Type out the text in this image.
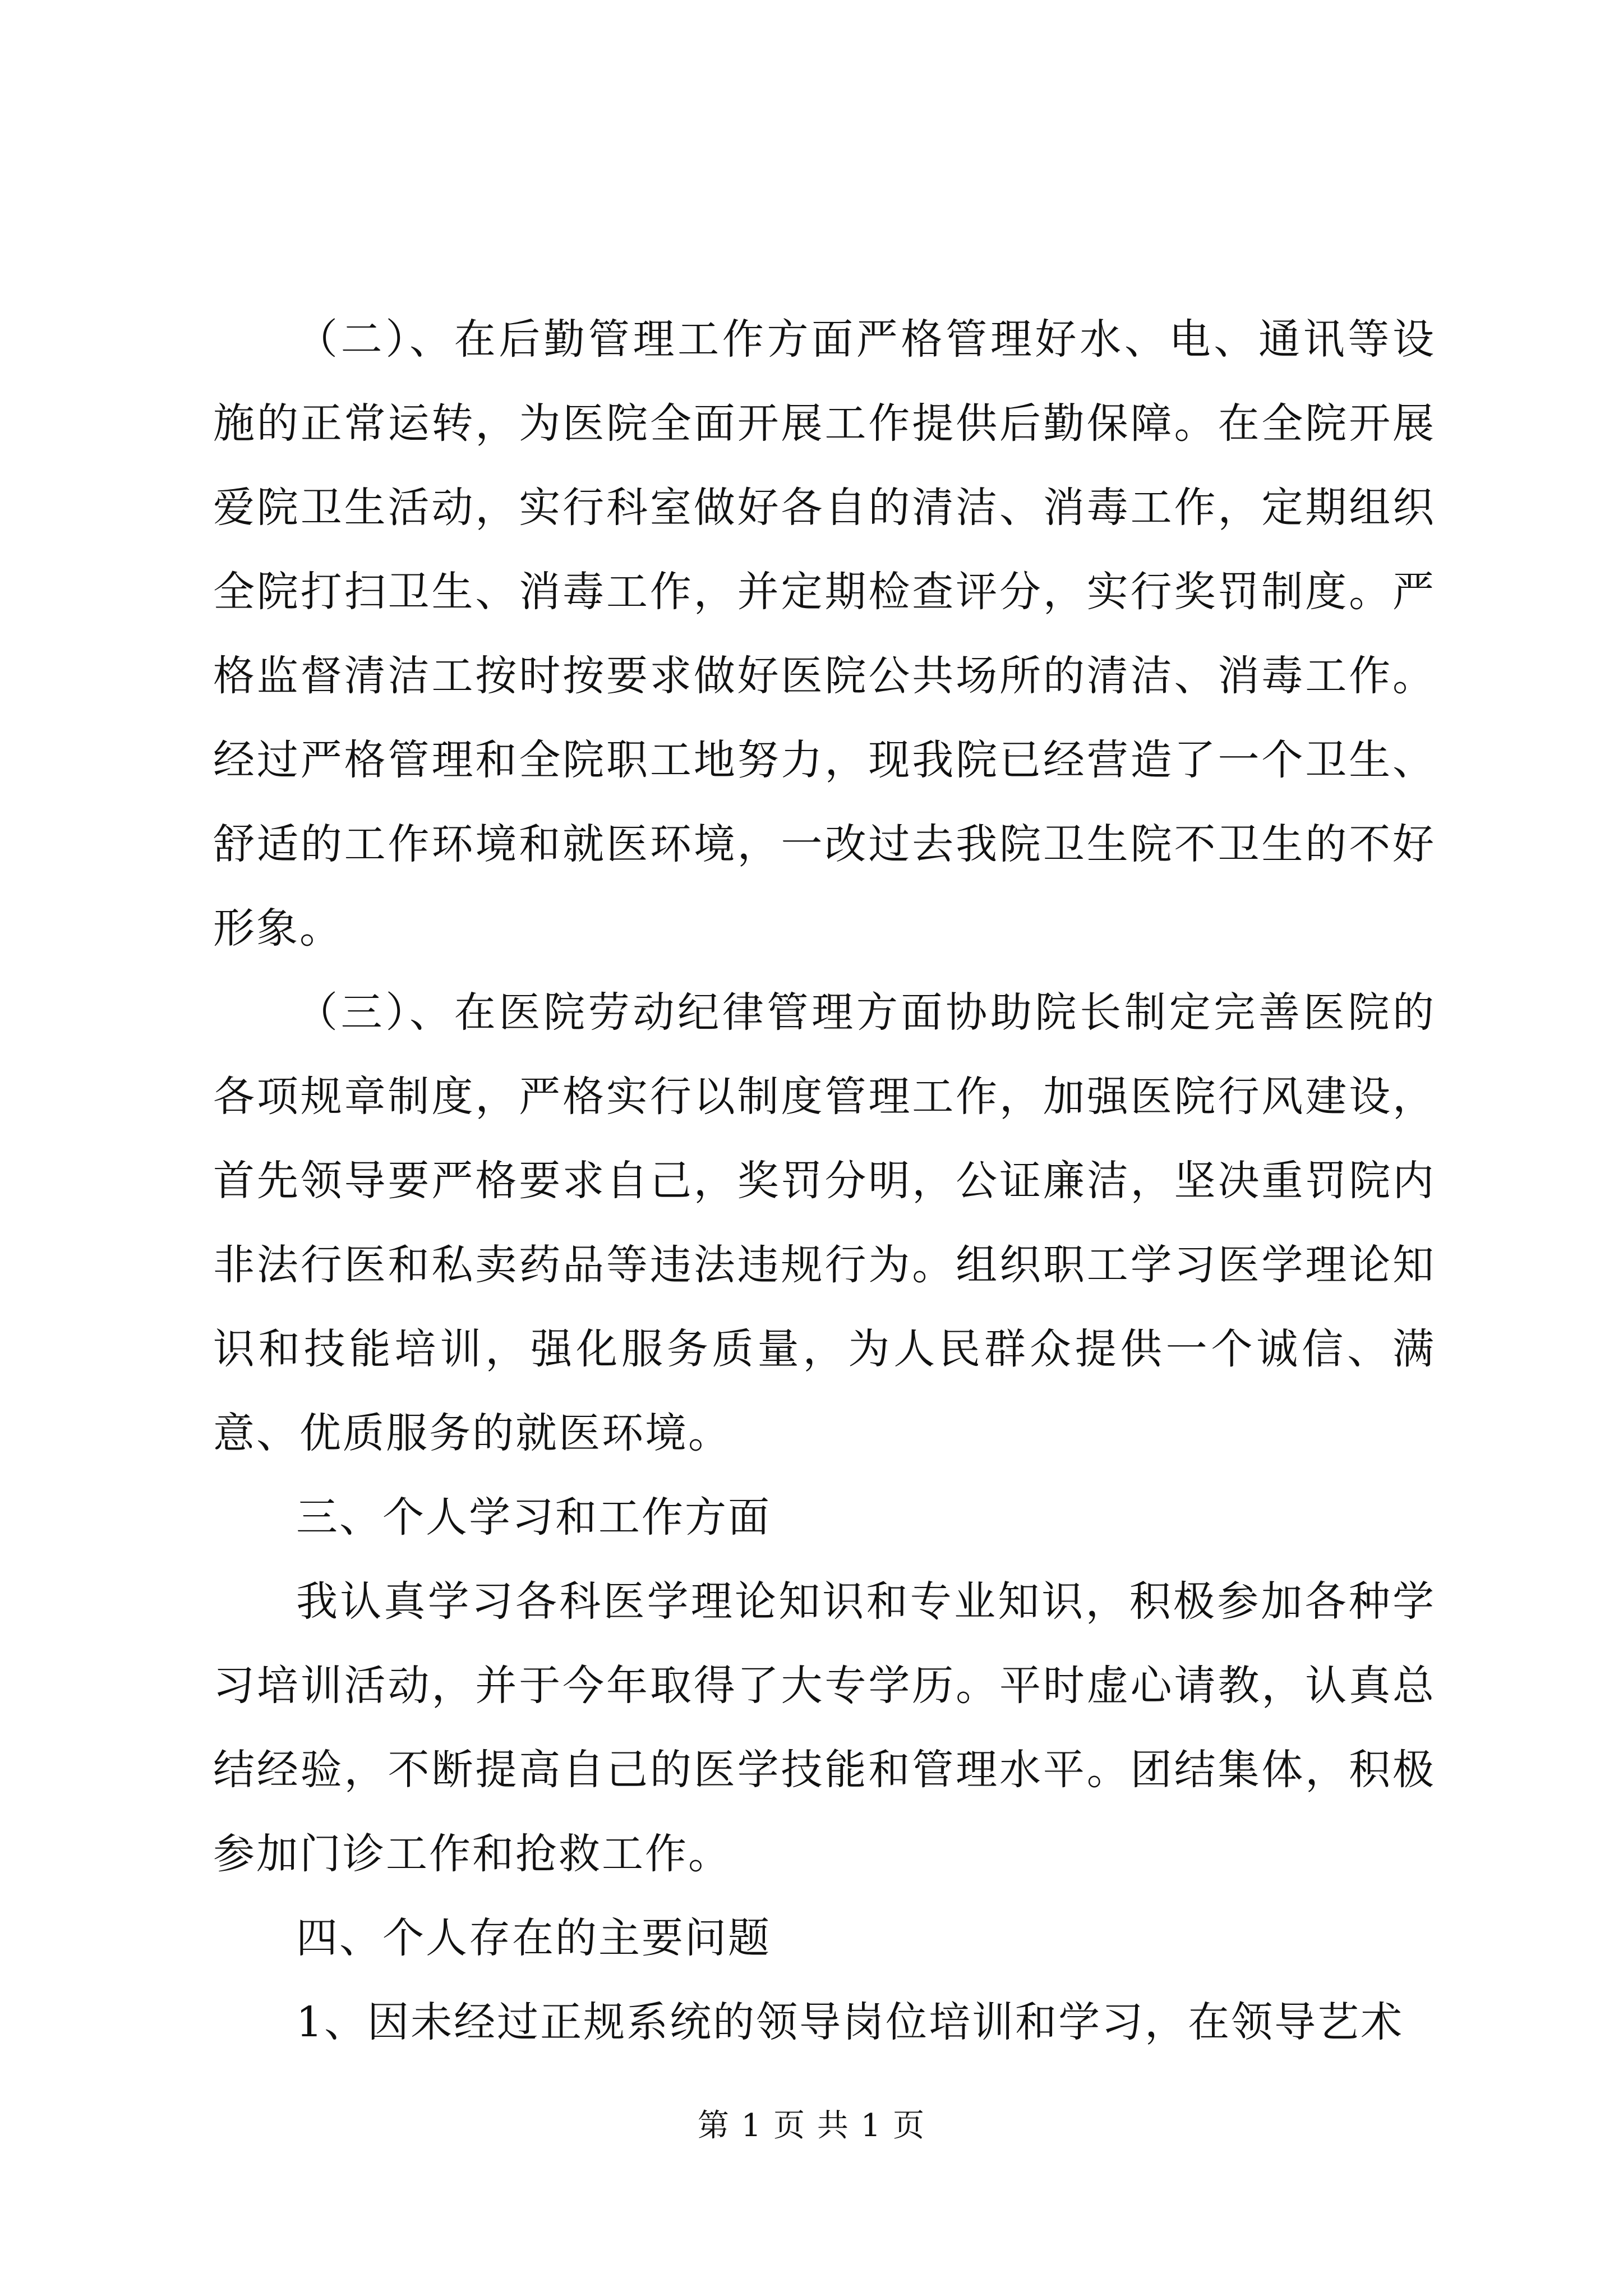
（二）、在后勤管理工作方面严格管理好水、电、通讯等设施的正常运转，为医院全面开展工作提供后勤保障。在全院开展爱院卫生活动，实行科室做好各自的清洁、消毒工作，定期组织全院打扫卫生、消毒工作，并定期检查评分，实行奖罚制度。严格监督清洁工按时按要求做好医院公共场所的清洁、消毒工作。经过严格管理和全院职工地努力，现我院已经营造了一个卫生、舒适的工作环境和就医环境，一改过去我院卫生院不卫生的不好形象。

（三）、在医院劳动纪律管理方面协助院长制定完善医院的各项规章制度，严格实行以制度管理工作，加强医院行风建设，首先领导要严格要求自己，奖罚分明，公证廉洁，坚决重罚院内非法行医和私卖药品等违法违规行为。组织职工学习医学理论知识和技能培训，强化服务质量，为人民群众提供一个诚信、满意、优质服务的就医环境。

三、个人学习和工作方面

我认真学习各科医学理论知识和专业知识，积极参加各种学习培训活动，并于今年取得了大专学历。平时虚心请教，认真总结经验，不断提高自己的医学技能和管理水平。团结集体，积极参加门诊工作和抢救工作。

四、个人存在的主要问题

1、因未经过正规系统的领导岗位培训和学习，在领导艺术

第 1 页 共 1 页
